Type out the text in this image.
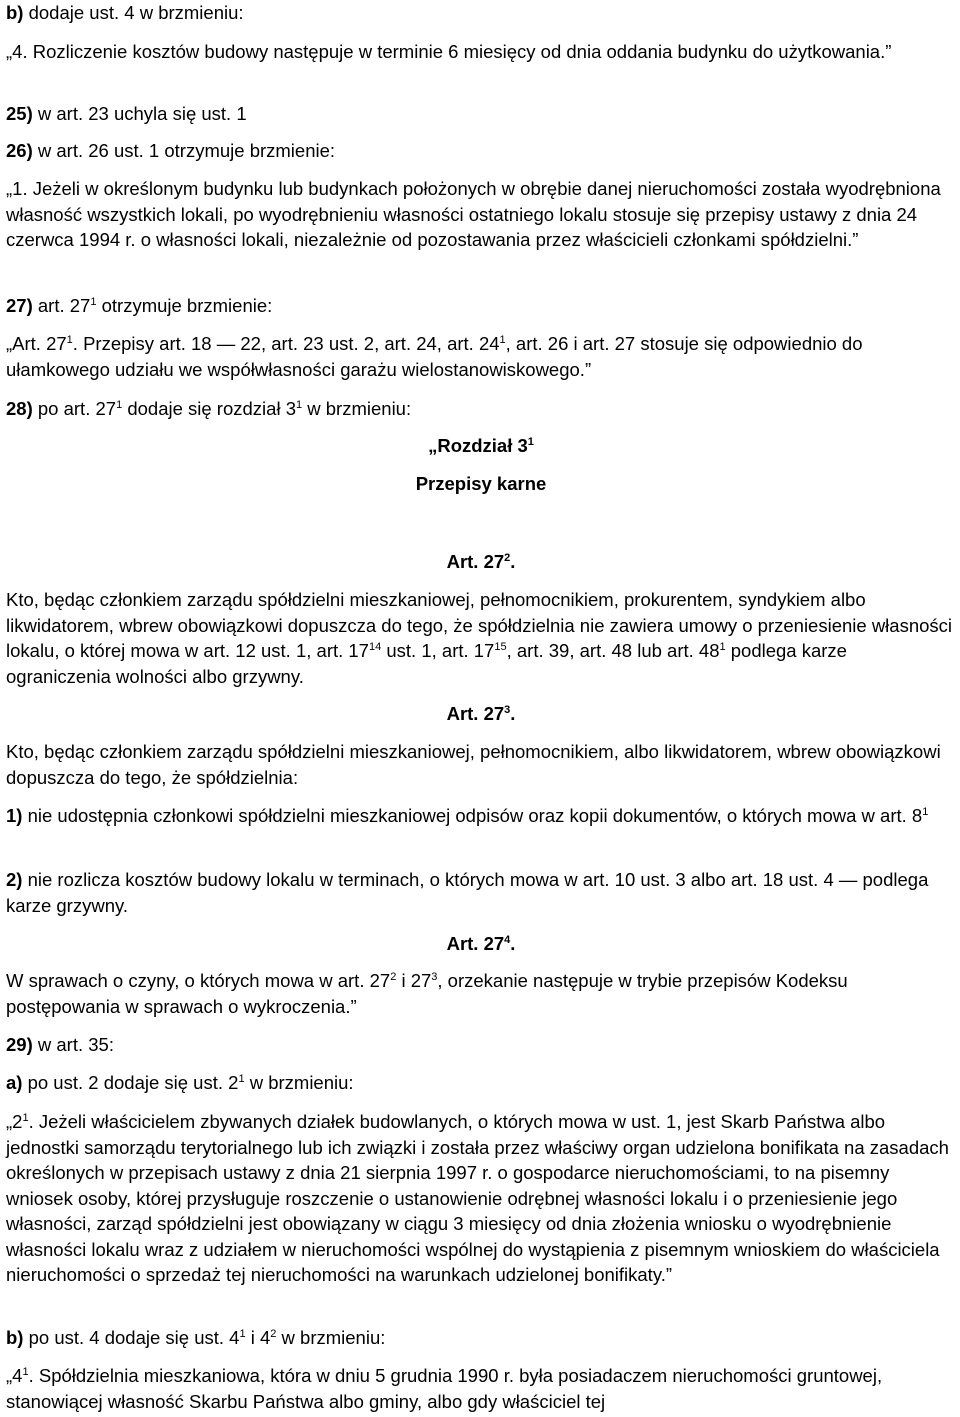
b) dodaje ust. 4 w brzmieniu:

„4. Rozliczenie kosztów budowy następuje w terminie 6 miesięcy od dnia oddania budynku do użytkowania.”

25) w art. 23 uchyla się ust. 1

26) w art. 26 ust. 1 otrzymuje brzmienie:

„1. Jeżeli w określonym budynku lub budynkach położonych w obrębie danej nieruchomości została wyodrębniona własność wszystkich lokali, po wyodrębnieniu własności ostatniego lokalu stosuje się przepisy ustawy z dnia 24 czerwca 1994 r. o własności lokali, niezależnie od pozostawania przez właścicieli członkami spółdzielni.”

27) art. $27^1$ otrzymuje brzmienie:

„Art. $27^1$. Przepisy art. 18 — 22, art. 23 ust. 2, art. 24, art. $24^1$, art. 26 i art. 27 stosuje się odpowiednio do ułamkowego udziału we współwłasności garażu wielostanowiskowego.”

28) po art. $27^1$ dodaje się rozdział $3^1$ w brzmieniu:

„Rozdział $3^1$

Przepisy karne

Art. $27^2$.

Kto, będąc członkiem zarządu spółdzielni mieszkaniowej, pełnomocnikiem, prokurentem, syndykiem albo likwidatorem, wbrew obowiązkowi dopuszcza do tego, że spółdzielnia nie zawiera umowy o przeniesienie własności lokalu, o której mowa w art. 12 ust. 1, art. $17^{14}$ ust. 1, art. $17^{15}$, art. 39, art. 48 lub art. $48^1$ podlega karze ograniczenia wolności albo grzywny.

Art. $27^3$.

Kto, będąc członkiem zarządu spółdzielni mieszkaniowej, pełnomocnikiem, albo likwidatorem, wbrew obowiązkowi dopuszcza do tego, że spółdzielnia:

1) nie udostępnia członkowi spółdzielni mieszkaniowej odpisów oraz kopii dokumentów, o których mowa w art. $8^1$

2) nie rozlicza kosztów budowy lokalu w terminach, o których mowa w art. 10 ust. 3 albo art. 18 ust. 4 — podlega karze grzywny.

Art. $27^4$.

W sprawach o czyny, o których mowa w art. $27^2$ i $27^3$, orzekanie następuje w trybie przepisów Kodeksu postępowania w sprawach o wykroczenia.”

29) w art. 35:

a) po ust. 2 dodaje się ust. $2^1$ w brzmieniu:

$„2^1$. Jeżeli właścicielem zbywanych działek budowlanych, o których mowa w ust. 1, jest Skarb Państwa albo jednostki samorządu terytorialnego lub ich związki i została przez właściwy organ udzielona bonifikata na zasadach określonych w przepisach ustawy z dnia 21 sierpnia 1997 r. o gospodarce nieruchomościami, to na pisemny wniosek osoby, której przysługuje roszczenie o ustanowienie odrębnej własności lokalu i o przeniesienie jego własności, zarząd spółdzielni jest obowiązany w ciągu 3 miesięcy od dnia złożenia wniosku o wyodrębnienie własności lokalu wraz z udziałem w nieruchomości wspólnej do wystąpienia z pisemnym wnioskiem do właściciela nieruchomości o sprzedaż tej nieruchomości na warunkach udzielonej bonifikaty.”

b) po ust. 4 dodaje się ust. $4^1$ i $4^2$ w brzmieniu:

$„4^1$. Spółdzielnia mieszkaniowa, która w dniu 5 grudnia 1990 r. była posiadaczem nieruchomości gruntowej, stanowiącej własność Skarbu Państwa albo gminy, albo gdy właściciel tej
